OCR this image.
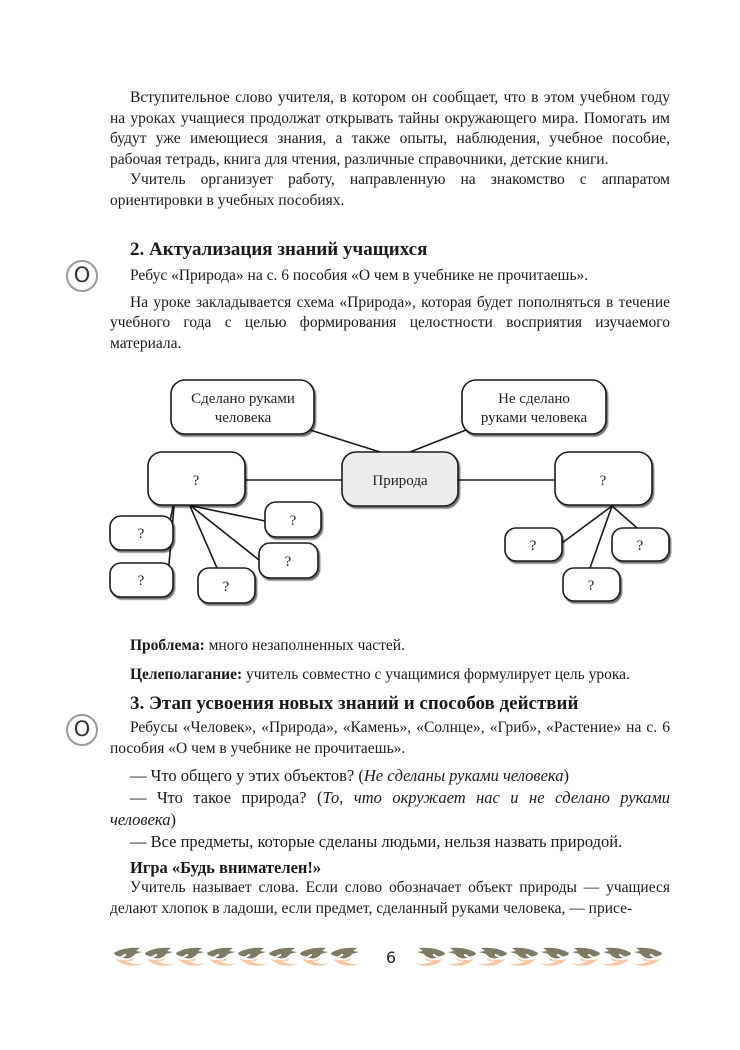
Вступительное слово учителя, в котором он сообщает, что в этом учебном году на уроках учащиеся продолжат открывать тайны окружающего мира. Помогать им будут уже имеющиеся знания, а также опыты, наблюдения, учебное пособие, рабочая тетрадь, книга для чтения, различные справочники, детские книги.

Учитель организует работу, направленную на знакомство с аппаратом ориентировки в учебных пособиях.

2. Актуализация знаний учащихся
О	Ребус «Природа» на с. 6 пособия «О чем в учебнике не прочитаешь».

На уроке закладывается схема «Природа», которая будет пополняться в течение учебного года с целью формирования целостности восприятия изучаемого материала.

Сделано руками
человека
Не сделано
руками человека
Природа
?	?
?
?	?
?
?
?
?
?

Проблема: много незаполненных частей.

Целеполагание: учитель совместно с учащимися формулирует цель урока.

3. Этап усвоения новых знаний и способов действий
О	Ребусы «Человек», «Природа», «Камень», «Солнце», «Гриб», «Растение» на с. 6 пособия «О чем в учебнике не прочитаешь».

— Что общего у этих объектов? (Не сделаны руками человека)

— Что такое природа? (То, что окружает нас и не сделано руками человека)

— Все предметы, которые сделаны людьми, нельзя назвать природой.

Игра «Будь внимателен!»

Учитель называет слова. Если слово обозначает объект природы — учащиеся делают хлопок в ладоши, если предмет, сделанный руками человека, — присе-

6
